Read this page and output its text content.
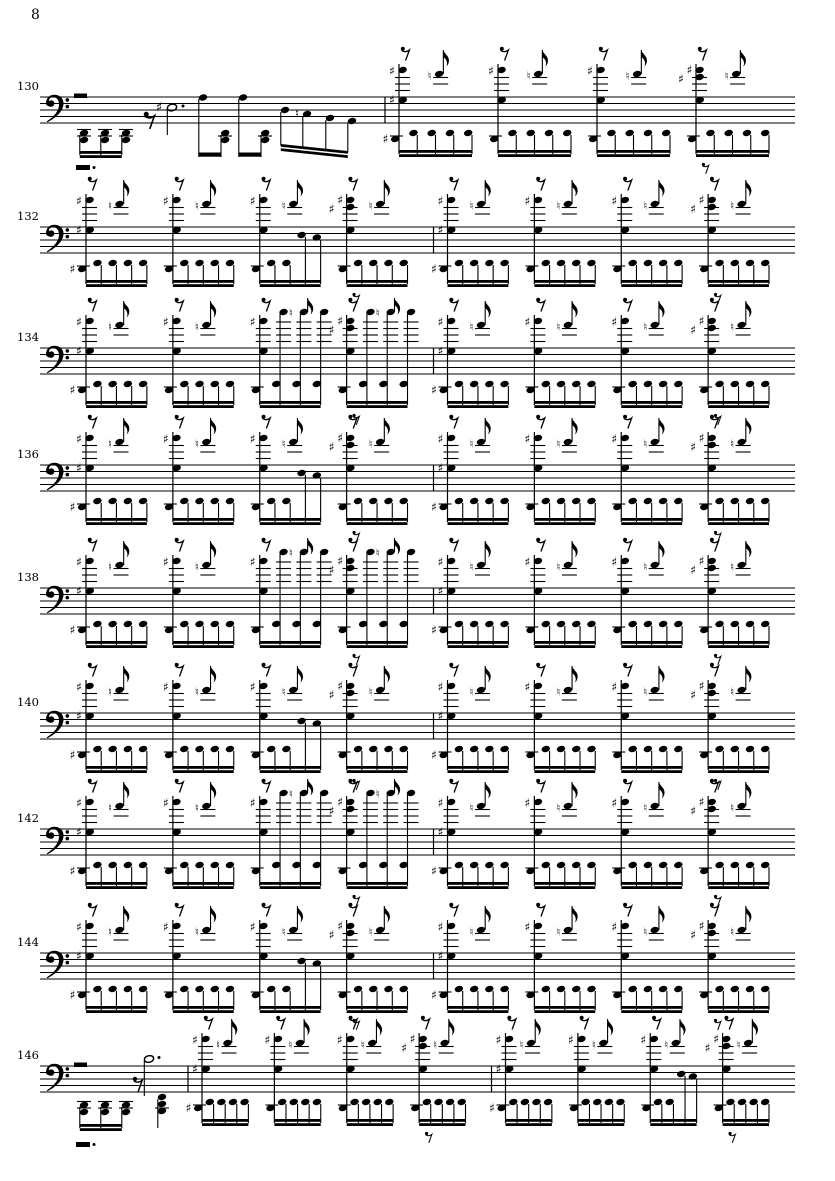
8
130
♯	♮
♯
♯
♯
♮	♯	♮	♯	♮	♯
♯	♮
132
♯
♯
♯
♮	♯ ♮	♯ ♮	♯
♯ ♮	♯
♯
♯
♮	♯ ♮	♯ ♮	♯
♯ ♮
134
♯
♯
♯
♮	♯ ♮	♯
♮
♯
♯
♮
♯
♯
♯
♮	♯ ♮	♯ ♮	♯
♯ ♮
136
♯
♯
♯
♮	♯ ♮	♯ ♮	♯
♯ ♮	♯
♯
♯
♮	♯ ♮	♯ ♮	♯
♯ ♮
138
♯
♯
♯
♮	♯ ♮	♯
♮
♯
♯
♮
♯
♯
♯
♮	♯ ♮	♯ ♮	♯
♯ ♮
140
♯
♯
♯
♮	♯ ♮	♯ ♮	♯
♯ ♮	♯
♯
♯
♮	♯ ♮	♯ ♮	♯
♯ ♮
142
♯
♯
♯
♮	♯ ♮	♯
♮
♯
♯
♮
♯
♯
♯
♮	♯ ♮	♯ ♮	♯
♯ ♮
144
♯
♯
♯
♮	♯ ♮	♯ ♮	♯
♯ ♮	♯
♯
♯
♮	♯ ♮	♯ ♮	♯
♯ ♮
146
♯
♯
♯
♮	♯ ♮	♯ ♮	♯
♯ ♮	♯
♯
♯
♮	♯ ♮	♯ ♮	♯
♯ ♮
